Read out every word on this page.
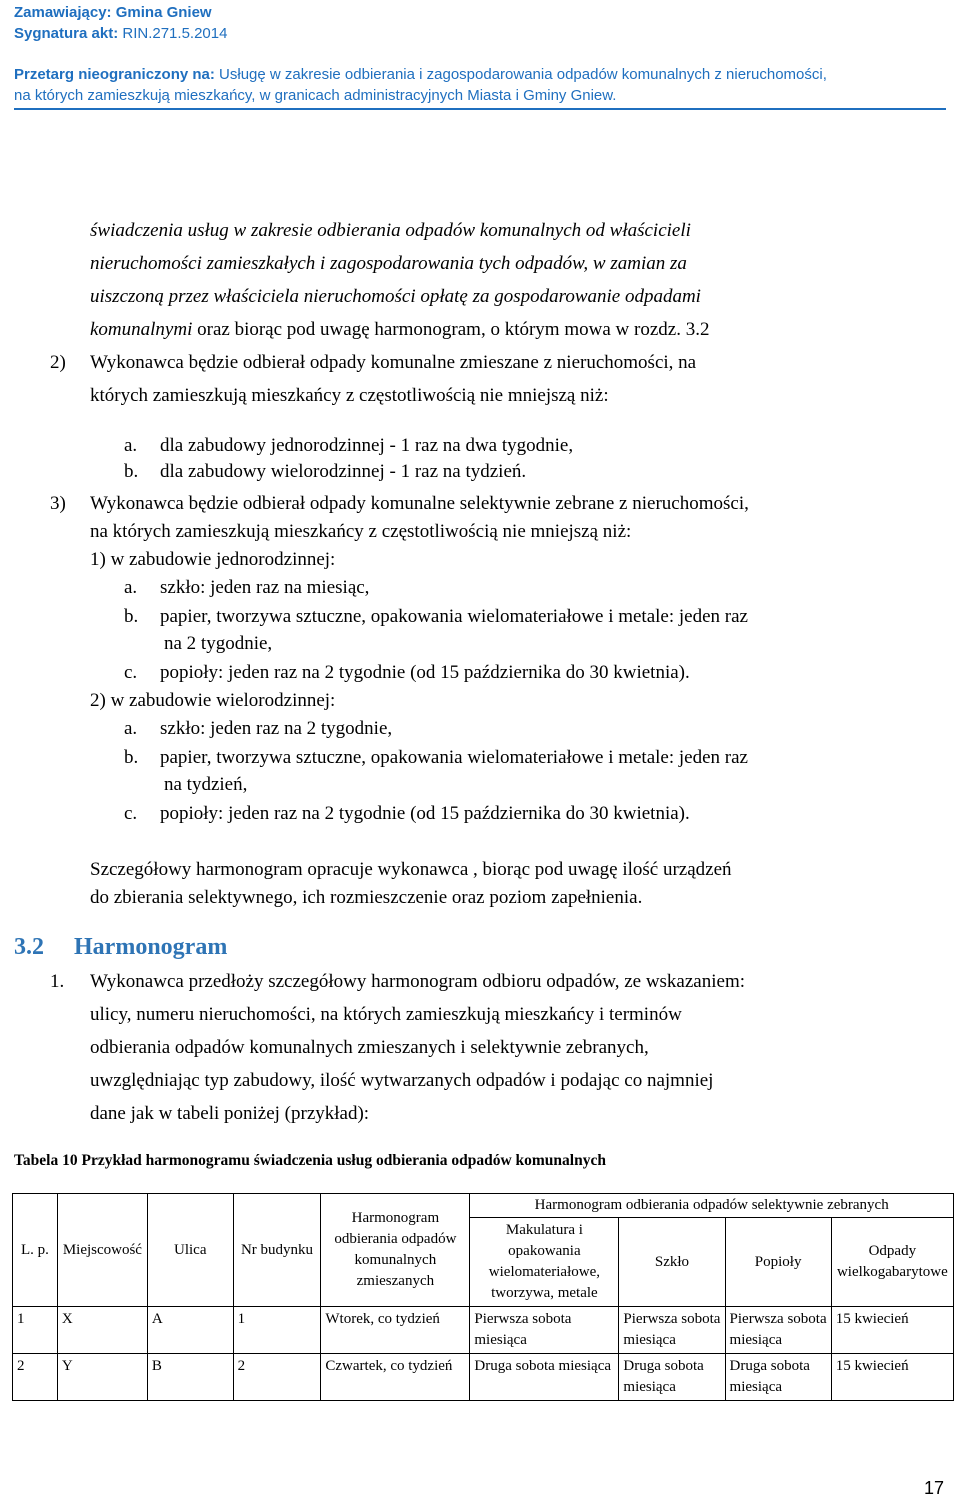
Zamawiający: Gmina Gniew
Sygnatura akt: RIN.271.5.2014
Przetarg nieograniczony na: Usługę w zakresie odbierania i zagospodarowania odpadów komunalnych z nieruchomości,
na których zamieszkują mieszkańcy, w granicach administracyjnych Miasta i Gminy Gniew.
świadczenia usług w zakresie odbierania odpadów komunalnych od właścicieli
nieruchomości zamieszkałych i zagospodarowania tych odpadów, w zamian za
uiszczoną przez właściciela nieruchomości opłatę za gospodarowanie odpadami
komunalnymi oraz biorąc pod uwagę harmonogram, o którym mowa w rozdz. 3.2
2) Wykonawca będzie odbierał odpady komunalne zmieszane z nieruchomości, na
których zamieszkują mieszkańcy z częstotliwością nie mniejszą niż:
a. dla zabudowy jednorodzinnej - 1 raz na dwa tygodnie,
b. dla zabudowy wielorodzinnej - 1 raz na tydzień.
3) Wykonawca będzie odbierał odpady komunalne selektywnie zebrane z nieruchomości,
na których zamieszkują mieszkańcy z częstotliwością nie mniejszą niż:
1) w zabudowie jednorodzinnej:
a. szkło: jeden raz na miesiąc,
b. papier, tworzywa sztuczne, opakowania wielomateriałowe i metale: jeden raz
na 2 tygodnie,
c. popioły: jeden raz na 2 tygodnie (od 15 października do 30 kwietnia).
2) w zabudowie wielorodzinnej:
a. szkło: jeden raz na 2 tygodnie,
b. papier, tworzywa sztuczne, opakowania wielomateriałowe i metale: jeden raz
na tydzień,
c. popioły: jeden raz na 2 tygodnie (od 15 października do 30 kwietnia).
Szczegółowy harmonogram opracuje wykonawca , biorąc pod uwagę ilość urządzeń
do zbierania selektywnego, ich rozmieszczenie oraz poziom zapełnienia.
3.2 Harmonogram
1. Wykonawca przedłoży szczegółowy harmonogram odbioru odpadów, ze wskazaniem:
ulicy, numeru nieruchomości, na których zamieszkują mieszkańcy i terminów
odbierania odpadów komunalnych zmieszanych i selektywnie zebranych,
uwzględniając typ zabudowy, ilość wytwarzanych odpadów i podając co najmniej
dane jak w tabeli poniżej (przykład):
Tabela 10 Przykład harmonogramu świadczenia usług odbierania odpadów komunalnych
L. p.	Miejscowość	Ulica	Nr budynku	Harmonogram odbierania odpadów komunalnych zmieszanych	Harmonogram odbierania odpadów selektywnie zebranych			
					Makulatura i opakowania wielomateriałowe, tworzywa, metale	Szkło	Popioły	Odpady wielkogabarytowe
1	X	A	1	Wtorek, co tydzień	Pierwsza sobota miesiąca	Pierwsza sobota miesiąca	Pierwsza sobota miesiąca	15 kwiecień
2	Y	B	2	Czwartek, co tydzień	Druga sobota miesiąca	Druga sobota miesiąca	Druga sobota miesiąca	15 kwiecień
17
